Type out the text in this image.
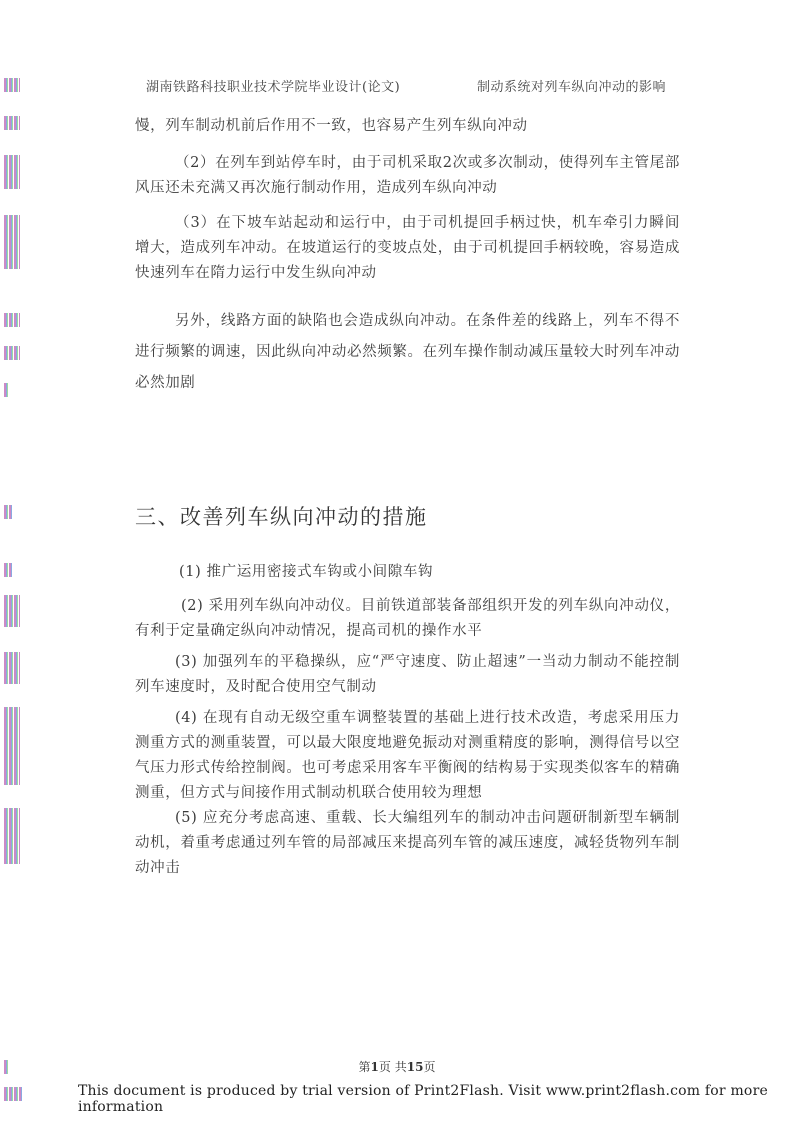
湖南铁路科技职业技术学院毕业设计(论文)	制动系统对列车纵向冲动的影响
慢，列车制动机前后作用不一致，也容易产生列车纵向冲动
（2）在列车到站停车时，由于司机采取2次或多次制动，使得列车主管尾部风压还未充满又再次施行制动作用，造成列车纵向冲动
（3）在下坡车站起动和运行中，由于司机提回手柄过快，机车牵引力瞬间增大，造成列车冲动。在坡道运行的变坡点处，由于司机提回手柄较晚，容易造成快速列车在隋力运行中发生纵向冲动
另外，线路方面的缺陷也会造成纵向冲动。在条件差的线路上，列车不得不进行频繁的调速，因此纵向冲动必然频繁。在列车操作制动减压量较大时列车冲动必然加剧
三、改善列车纵向冲动的措施
(1) 推广运用密接式车钩或小间隙车钩
(2) 采用列车纵向冲动仪。目前铁道部装备部组织开发的列车纵向冲动仪，有利于定量确定纵向冲动情况，提高司机的操作水平
(3) 加强列车的平稳操纵，应“严守速度、防止超速”一当动力制动不能控制列车速度时，及时配合使用空气制动
(4) 在现有自动无级空重车调整装置的基础上进行技术改造，考虑采用压力测重方式的测重装置，可以最大限度地避免振动对测重精度的影响，测得信号以空气压力形式传给控制阀。也可考虑采用客车平衡阀的结构易于实现类似客车的精确测重，但方式与间接作用式制动机联合使用较为理想
(5) 应充分考虑高速、重载、长大编组列车的制动冲击问题研制新型车辆制动机，着重考虑通过列车管的局部减压来提高列车管的减压速度，减轻货物列车制动冲击
第1页 共15页
This document is produced by trial version of Print2Flash. Visit www.print2flash.com for more information
